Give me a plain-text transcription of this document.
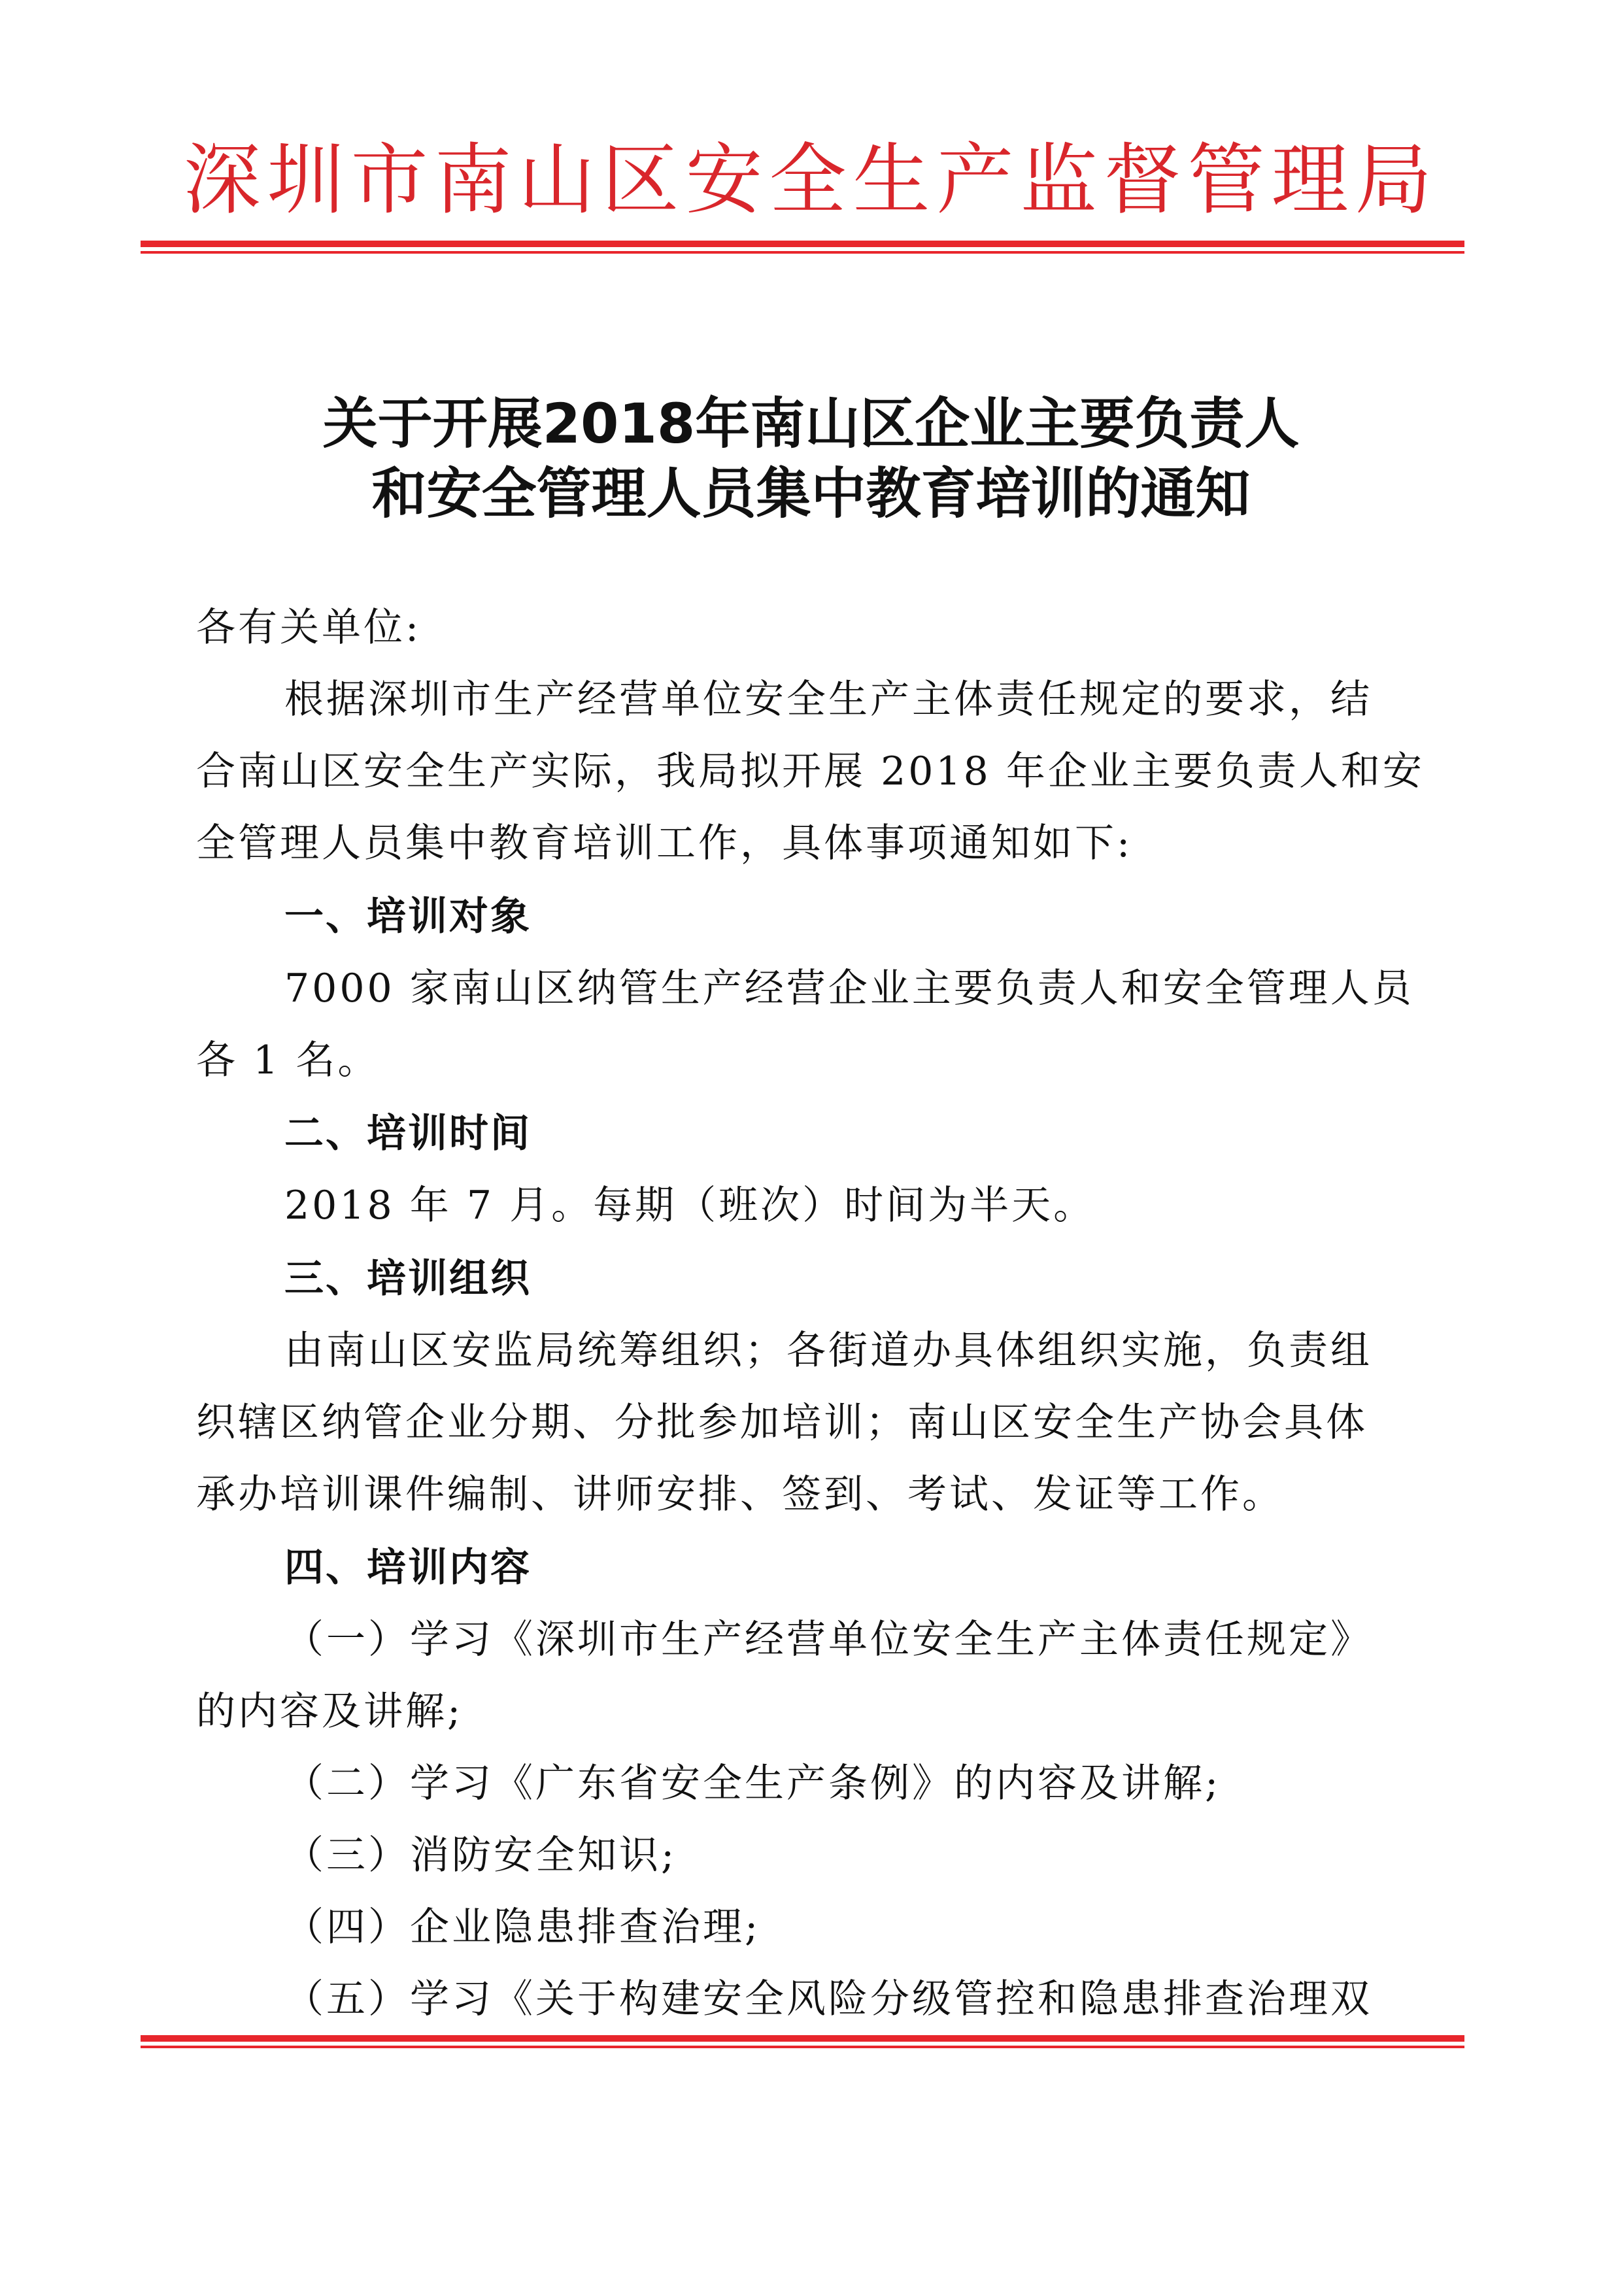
深圳市南山区安全生产监督管理局
关于开展2018年南山区企业主要负责人
和安全管理人员集中教育培训的通知
各有关单位:
根据深圳市生产经营单位安全生产主体责任规定的要求，结
合南山区安全生产实际，我局拟开展 2018 年企业主要负责人和安
全管理人员集中教育培训工作，具体事项通知如下:
一、培训对象
7000 家南山区纳管生产经营企业主要负责人和安全管理人员
各 1 名。
二、培训时间
2018 年 7 月。每期（班次）时间为半天。
三、培训组织
由南山区安监局统筹组织；各街道办具体组织实施，负责组
织辖区纳管企业分期、分批参加培训；南山区安全生产协会具体
承办培训课件编制、讲师安排、签到、考试、发证等工作。
四、培训内容
（一）学习《深圳市生产经营单位安全生产主体责任规定》
的内容及讲解;
（二）学习《广东省安全生产条例》的内容及讲解;
（三）消防安全知识;
（四）企业隐患排查治理;
（五）学习《关于构建安全风险分级管控和隐患排查治理双
